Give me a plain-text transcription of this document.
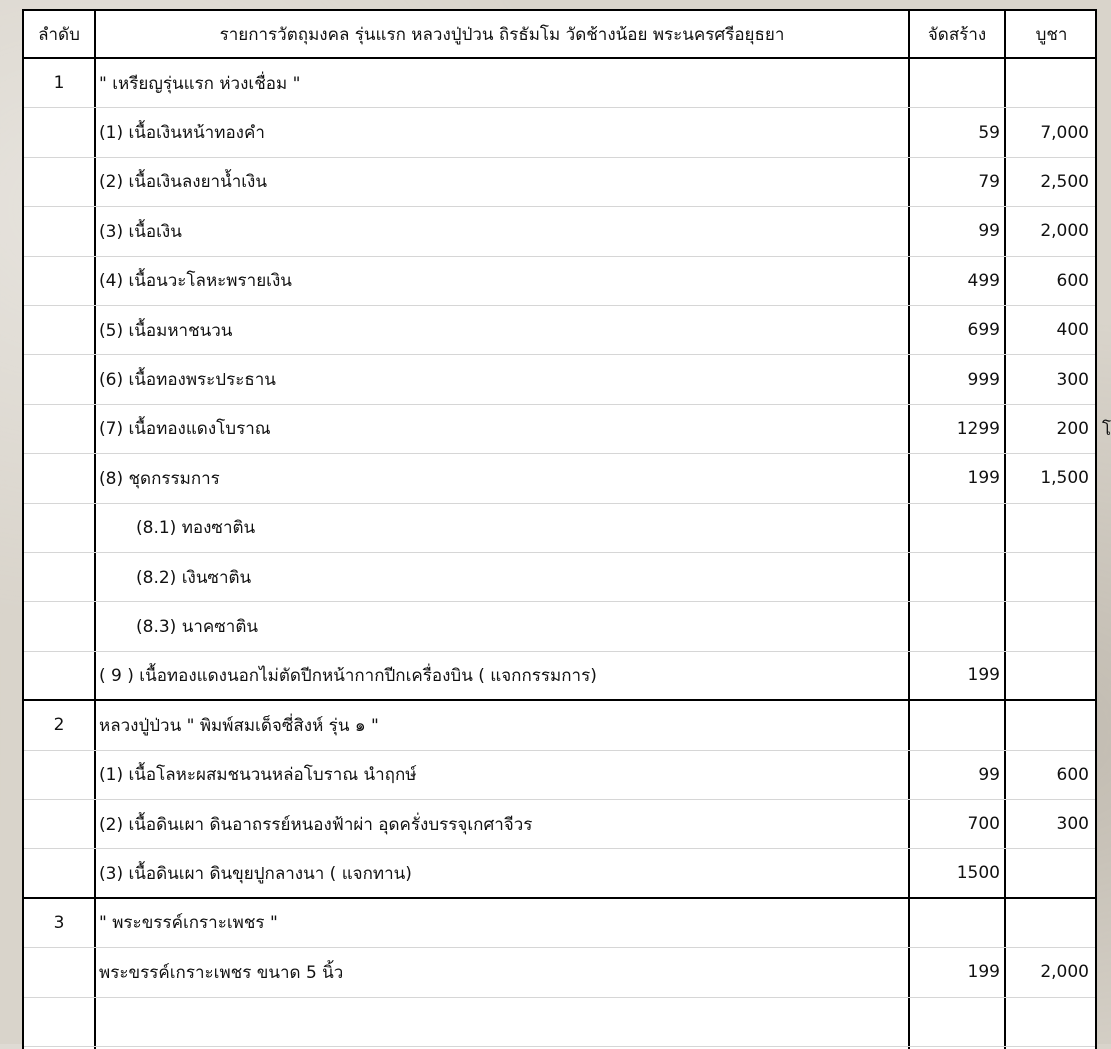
ลำดับ	รายการวัตถุมงคล รุ่นแรก หลวงปู่ป่วน ถิรธัมโม วัดช้างน้อย พระนครศรีอยุธยา	จัดสร้าง	บูชา
1	" เหรียญรุ่นแรก ห่วงเชื่อม "
(1) เนื้อเงินหน้าทองคำ	59	7,000
(2) เนื้อเงินลงยาน้ำเงิน	79	2,500
(3) เนื้อเงิน	99	2,000
(4) เนื้อนวะโลหะพรายเงิน	499	600
(5) เนื้อมหาชนวน	699	400
(6) เนื้อทองพระประธาน	999	300
(7) เนื้อทองแดงโบราณ	1299	200
(8) ชุดกรรมการ	199	1,500
(8.1) ทองซาติน
(8.2) เงินซาติน
(8.3) นาคซาติน
( 9 ) เนื้อทองแดงนอกไม่ตัดปีกหน้ากากปีกเครื่องบิน ( แจกกรรมการ)	199
2	หลวงปู่ป่วน " พิมพ์สมเด็จซี่สิงห์ รุ่น ๑ "
(1) เนื้อโลหะผสมชนวนหล่อโบราณ นำฤกษ์	99	600
(2) เนื้อดินเผา ดินอาถรรย์หนองฟ้าผ่า อุดครั่งบรรจุเกศาจีวร	700	300
(3) เนื้อดินเผา ดินขุยปูกลางนา ( แจกทาน)	1500
3	" พระขรรค์เกราะเพชร "
พระขรรค์เกราะเพชร ขนาด 5 นิ้ว	199	2,000
โ
